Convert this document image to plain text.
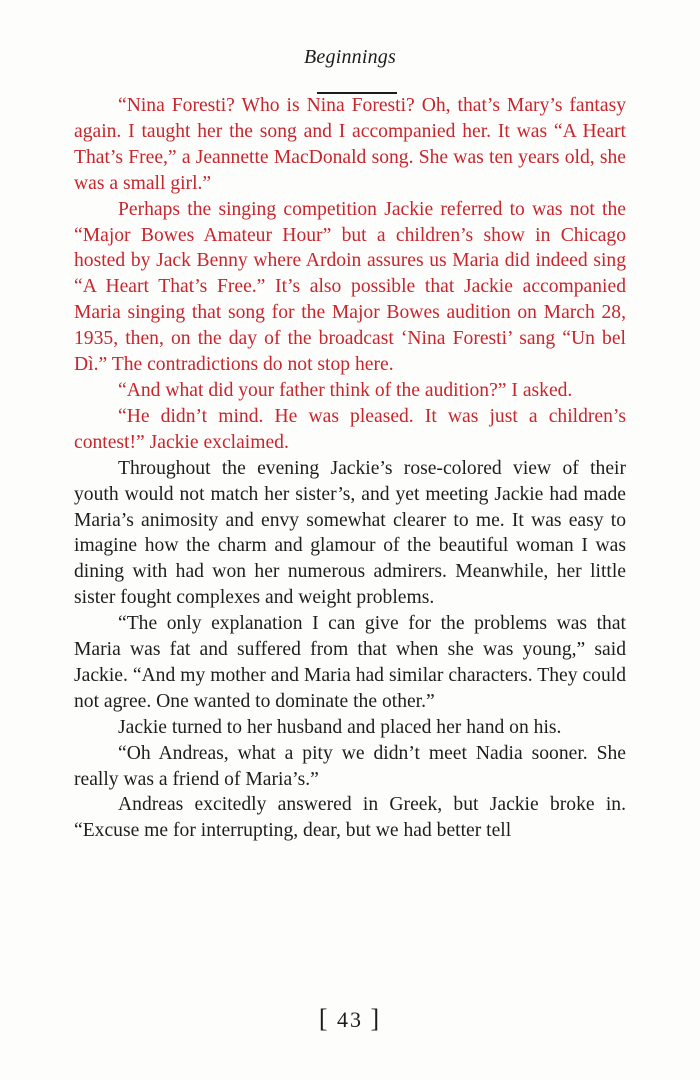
Beginnings

“Nina Foresti? Who is Nina Foresti? Oh, that’s Mary’s fantasy again. I taught her the song and I accompanied her. It was “A Heart That’s Free,” a Jeannette MacDonald song. She was ten years old, she was a small girl.”

Perhaps the singing competition Jackie referred to was not the “Major Bowes Amateur Hour” but a children’s show in Chicago hosted by Jack Benny where Ardoin assures us Maria did indeed sing “A Heart That’s Free.” It’s also possible that Jackie accompanied Maria singing that song for the Major Bowes audition on March 28, 1935, then, on the day of the broadcast ‘Nina Foresti’ sang “Un bel Dì.” The contradictions do not stop here.

“And what did your father think of the audition?” I asked.

“He didn’t mind. He was pleased. It was just a children’s contest!” Jackie exclaimed.

Throughout the evening Jackie’s rose-colored view of their youth would not match her sister’s, and yet meeting Jackie had made Maria’s animosity and envy somewhat clearer to me. It was easy to imagine how the charm and glamour of the beautiful woman I was dining with had won her numerous admirers. Meanwhile, her little sister fought complexes and weight problems.

“The only explanation I can give for the problems was that Maria was fat and suffered from that when she was young,” said Jackie. “And my mother and Maria had similar characters. They could not agree. One wanted to dominate the other.”

Jackie turned to her husband and placed her hand on his.

“Oh Andreas, what a pity we didn’t meet Nadia sooner. She really was a friend of Maria’s.”

Andreas excitedly answered in Greek, but Jackie broke in. “Excuse me for interrupting, dear, but we had better tell

[ 43 ]
